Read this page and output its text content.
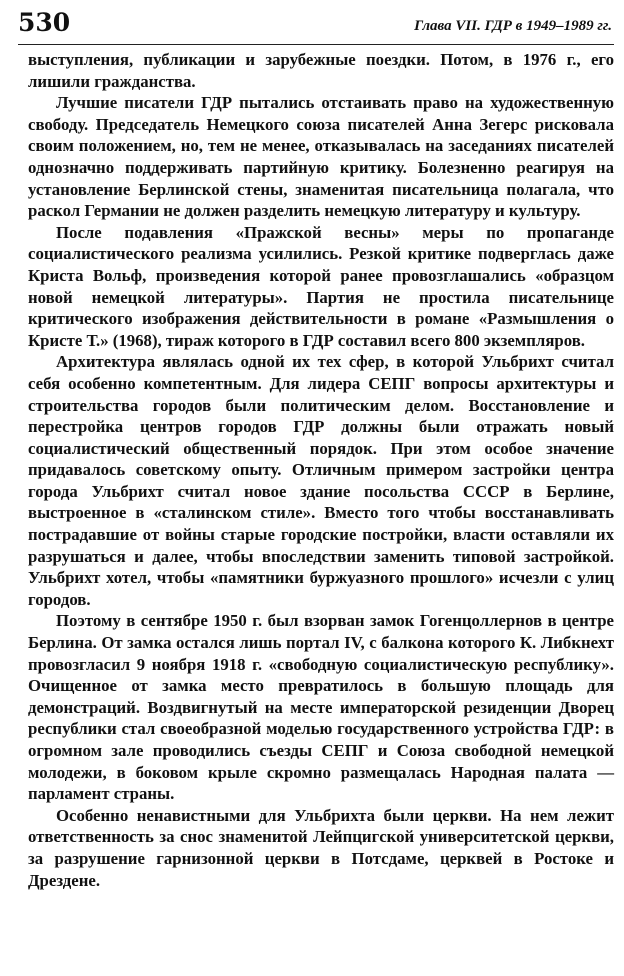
530	Глава VII. ГДР в 1949–1989 гг.

выступления, публикации и зарубежные поездки. Потом, в 1976 г., его лишили гражданства.

Лучшие писатели ГДР пытались отстаивать право на художественную свободу. Председатель Немецкого союза писателей Анна Зегерс рисковала своим положением, но, тем не менее, отказывалась на заседаниях писателей однозначно поддерживать партийную критику. Болезненно реагируя на установление Берлинской стены, знаменитая писательница полагала, что раскол Германии не должен разделить немецкую литературу и культуру.

После подавления «Пражской весны» меры по пропаганде социалистического реализма усилились. Резкой критике подверглась даже Криста Вольф, произведения которой ранее провозглашались «образцом новой немецкой литературы». Партия не простила писательнице критического изображения действительности в романе «Размышления о Кристе Т.» (1968), тираж которого в ГДР составил всего 800 экземпляров.

Архитектура являлась одной их тех сфер, в которой Ульбрихт считал себя особенно компетентным. Для лидера СЕПГ вопросы архитектуры и строительства городов были политическим делом. Восстановление и перестройка центров городов ГДР должны были отражать новый социалистический общественный порядок. При этом особое значение придавалось советскому опыту. Отличным примером застройки центра города Ульбрихт считал новое здание посольства СССР в Берлине, выстроенное в «сталинском стиле». Вместо того чтобы восстанавливать пострадавшие от войны старые городские постройки, власти оставляли их разрушаться и далее, чтобы впоследствии заменить типовой застройкой. Ульбрихт хотел, чтобы «памятники буржуазного прошлого» исчезли с улиц городов.

Поэтому в сентябре 1950 г. был взорван замок Гогенцоллернов в центре Берлина. От замка остался лишь портал IV, с балкона которого К. Либкнехт провозгласил 9 ноября 1918 г. «свободную социалистическую республику». Очищенное от замка место превратилось в большую площадь для демонстраций. Воздвигнутый на месте императорской резиденции Дворец республики стал своеобразной моделью государственного устройства ГДР: в огромном зале проводились съезды СЕПГ и Союза свободной немецкой молодежи, в боковом крыле скромно размещалась Народная палата — парламент страны.

Особенно ненавистными для Ульбрихта были церкви. На нем лежит ответственность за снос знаменитой Лейпцигской университетской церкви, за разрушение гарнизонной церкви в Потсдаме, церквей в Ростоке и Дрездене.
